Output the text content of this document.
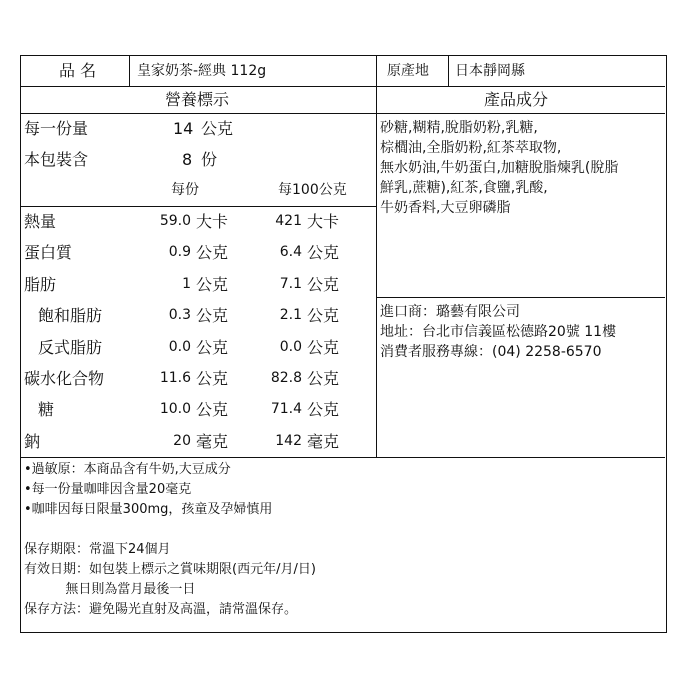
品 名	皇家奶茶-經典 112g	原產地 日本靜岡縣
營養標示	產品成分
每一份量	14 公克
本包裝含	8 份
每份	每100公克
熱量	59.0 大卡	421 大卡
蛋白質	0.9 公克	6.4 公克
脂肪	1 公克	7.1 公克
飽和脂肪	0.3 公克	2.1 公克
反式脂肪	0.0 公克	0.0 公克
碳水化合物	11.6 公克	82.8 公克
糖	10.0 公克	71.4 公克
鈉	20 毫克	142 毫克
砂糖,糊精,脫脂奶粉,乳糖,
棕櫚油,全脂奶粉,紅茶萃取物,
無水奶油,牛奶蛋白,加糖脫脂煉乳(脫脂
鮮乳,蔗糖),紅茶,食鹽,乳酸,
牛奶香料,大豆卵磷脂
進口商：璐藝有限公司
地址：台北市信義區松德路20號 11樓
消費者服務專線：(04) 2258-6570
•過敏原：本商品含有牛奶,大豆成分
•每一份量咖啡因含量20毫克
•咖啡因每日限量300mg，孩童及孕婦慎用

保存期限：常溫下24個月
有效日期：如包裝上標示之賞味期限(西元年/月/日)
無日則為當月最後一日
保存方法：避免陽光直射及高溫，請常溫保存。
